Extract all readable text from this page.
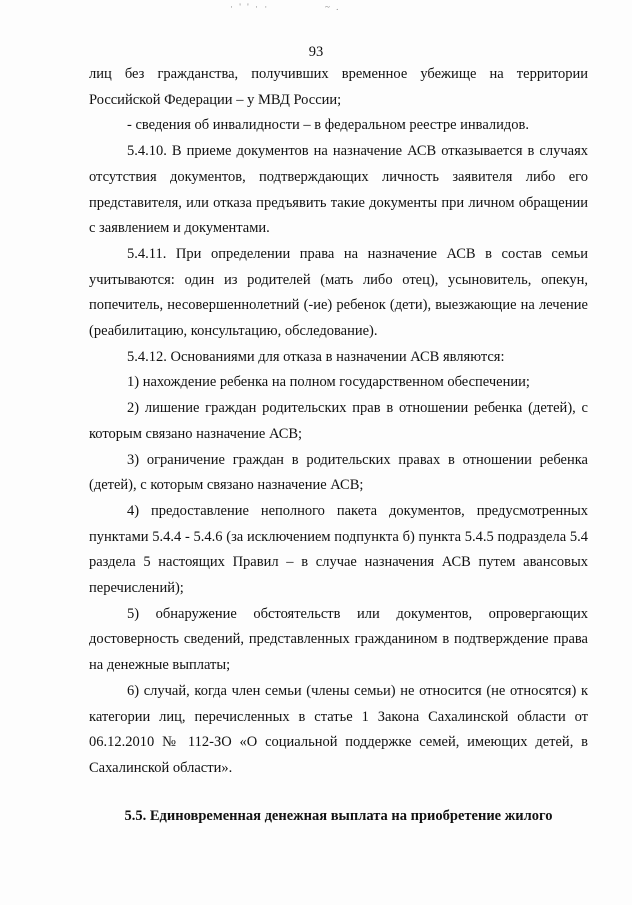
· ' ' · ·	~ .
93

лиц без гражданства, получивших временное убежище на территории Российской Федерации – у МВД России;

- сведения об инвалидности – в федеральном реестре инвалидов.

5.4.10. В приеме документов на назначение АСВ отказывается в случаях отсутствия документов, подтверждающих личность заявителя либо его представителя, или отказа предъявить такие документы при личном обращении с заявлением и документами.

5.4.11. При определении права на назначение АСВ в состав семьи учитываются: один из родителей (мать либо отец), усыновитель, опекун, попечитель, несовершеннолетний (-ие) ребенок (дети), выезжающие на лечение (реабилитацию, консультацию, обследование).

5.4.12. Основаниями для отказа в назначении АСВ являются:

1) нахождение ребенка на полном государственном обеспечении;

2) лишение граждан родительских прав в отношении ребенка (детей), с которым связано назначение АСВ;

3) ограничение граждан в родительских правах в отношении ребенка (детей), с которым связано назначение АСВ;

4) предоставление неполного пакета документов, предусмотренных пунктами 5.4.4 - 5.4.6 (за исключением подпункта б) пункта 5.4.5 подраздела 5.4 раздела 5 настоящих Правил – в случае назначения АСВ путем авансовых перечислений);

5) обнаружение обстоятельств или документов, опровергающих достоверность сведений, представленных гражданином в подтверждение права на денежные выплаты;

6) случай, когда член семьи (члены семьи) не относится (не относятся) к категории лиц, перечисленных в статье 1 Закона Сахалинской области от 06.12.2010 № 112-ЗО «О социальной поддержке семей, имеющих детей, в Сахалинской области».

5.5. Единовременная денежная выплата на приобретение жилого
